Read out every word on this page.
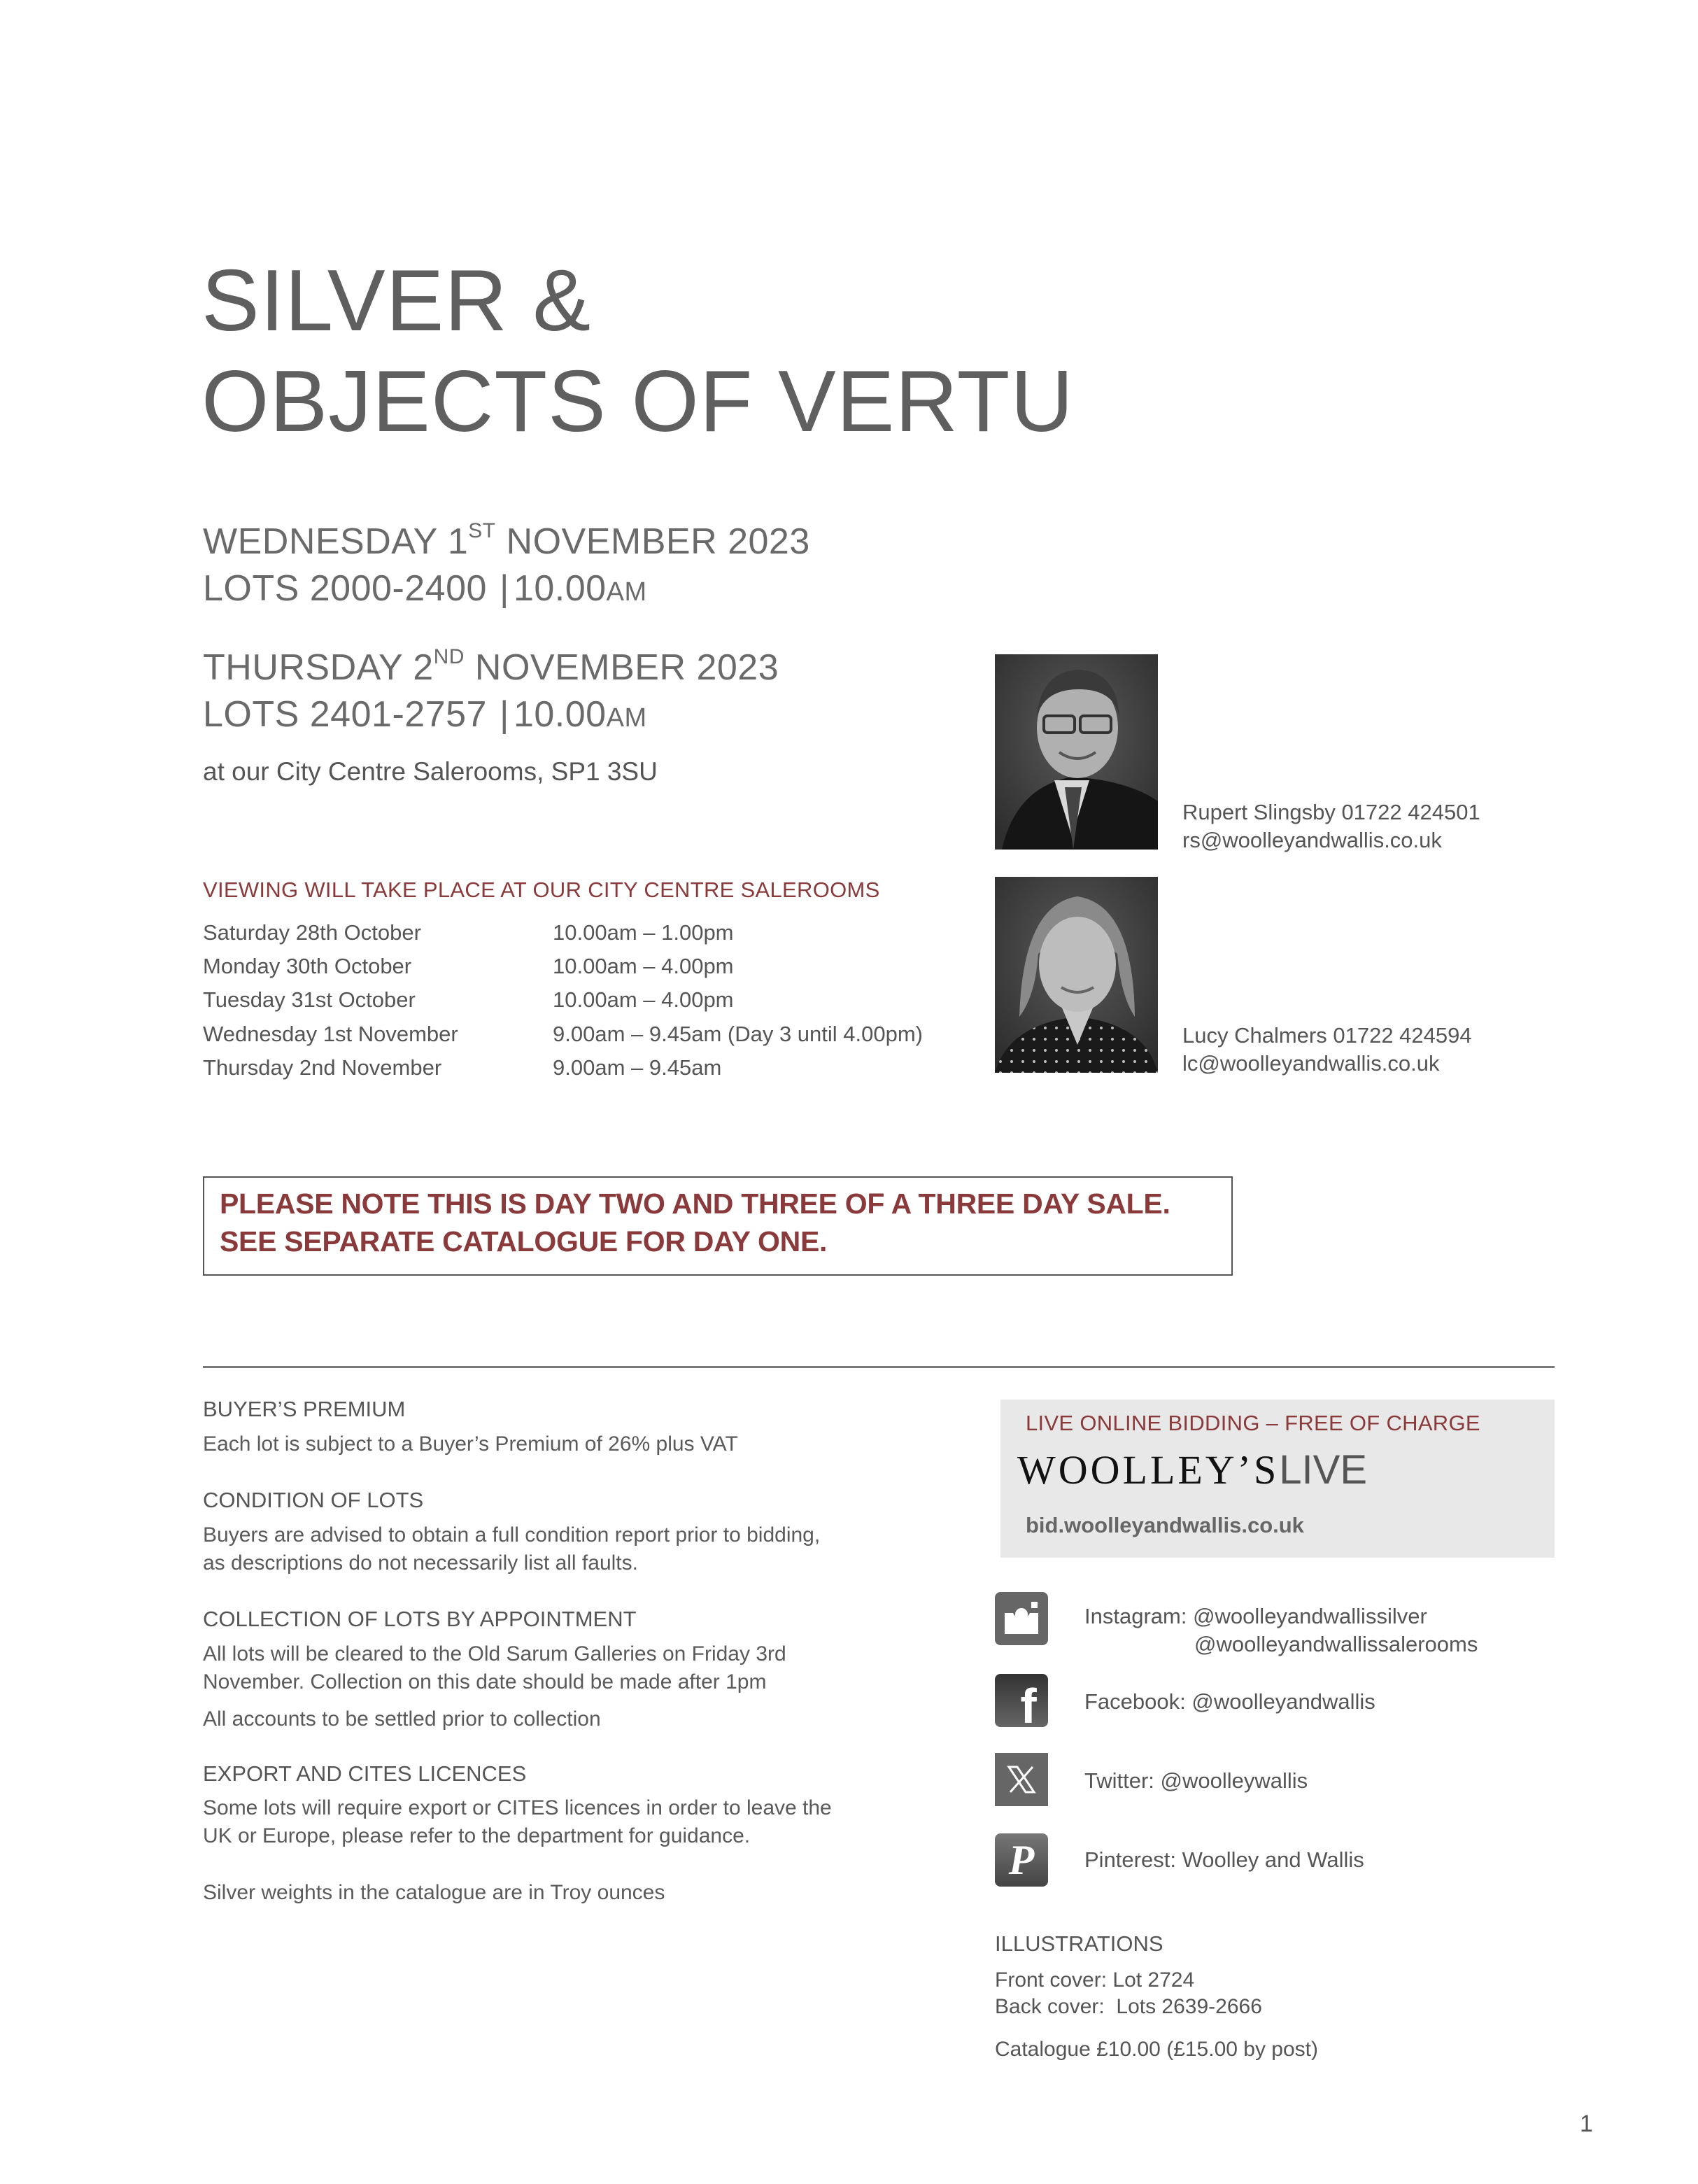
SILVER &
OBJECTS OF VERTU
WEDNESDAY 1ST NOVEMBER 2023
LOTS 2000-2400 | 10.00AM
THURSDAY 2ND NOVEMBER 2023
LOTS 2401-2757 | 10.00AM
at our City Centre Salerooms, SP1 3SU
VIEWING WILL TAKE PLACE AT OUR CITY CENTRE SALEROOMS
Saturday 28th October	10.00am – 1.00pm
Monday 30th October	10.00am – 4.00pm
Tuesday 31st October	10.00am – 4.00pm
Wednesday 1st November	9.00am – 9.45am (Day 3 until 4.00pm)
Thursday 2nd November	9.00am – 9.45am
Rupert Slingsby 01722 424501
rs@woolleyandwallis.co.uk
Lucy Chalmers 01722 424594
lc@woolleyandwallis.co.uk
PLEASE NOTE THIS IS DAY TWO AND THREE OF A THREE DAY SALE.
SEE SEPARATE CATALOGUE FOR DAY ONE.
BUYER’S PREMIUM
Each lot is subject to a Buyer’s Premium of 26% plus VAT
CONDITION OF LOTS
Buyers are advised to obtain a full condition report prior to bidding,
as descriptions do not necessarily list all faults.
COLLECTION OF LOTS BY APPOINTMENT
All lots will be cleared to the Old Sarum Galleries on Friday 3rd
November. Collection on this date should be made after 1pm
All accounts to be settled prior to collection
EXPORT AND CITES LICENCES
Some lots will require export or CITES licences in order to leave the
UK or Europe, please refer to the department for guidance.
Silver weights in the catalogue are in Troy ounces
LIVE ONLINE BIDDING – FREE OF CHARGE
WOOLLEY’SLIVE
bid.woolleyandwallis.co.uk
Instagram: @woolleyandwallissilver
@woolleyandwallissalerooms
f Facebook: @woolleyandwallis
Twitter: @woolleywallis
P Pinterest: Woolley and Wallis
ILLUSTRATIONS
Front cover: Lot 2724
Back cover:  Lots 2639-2666
Catalogue £10.00 (£15.00 by post)
1
